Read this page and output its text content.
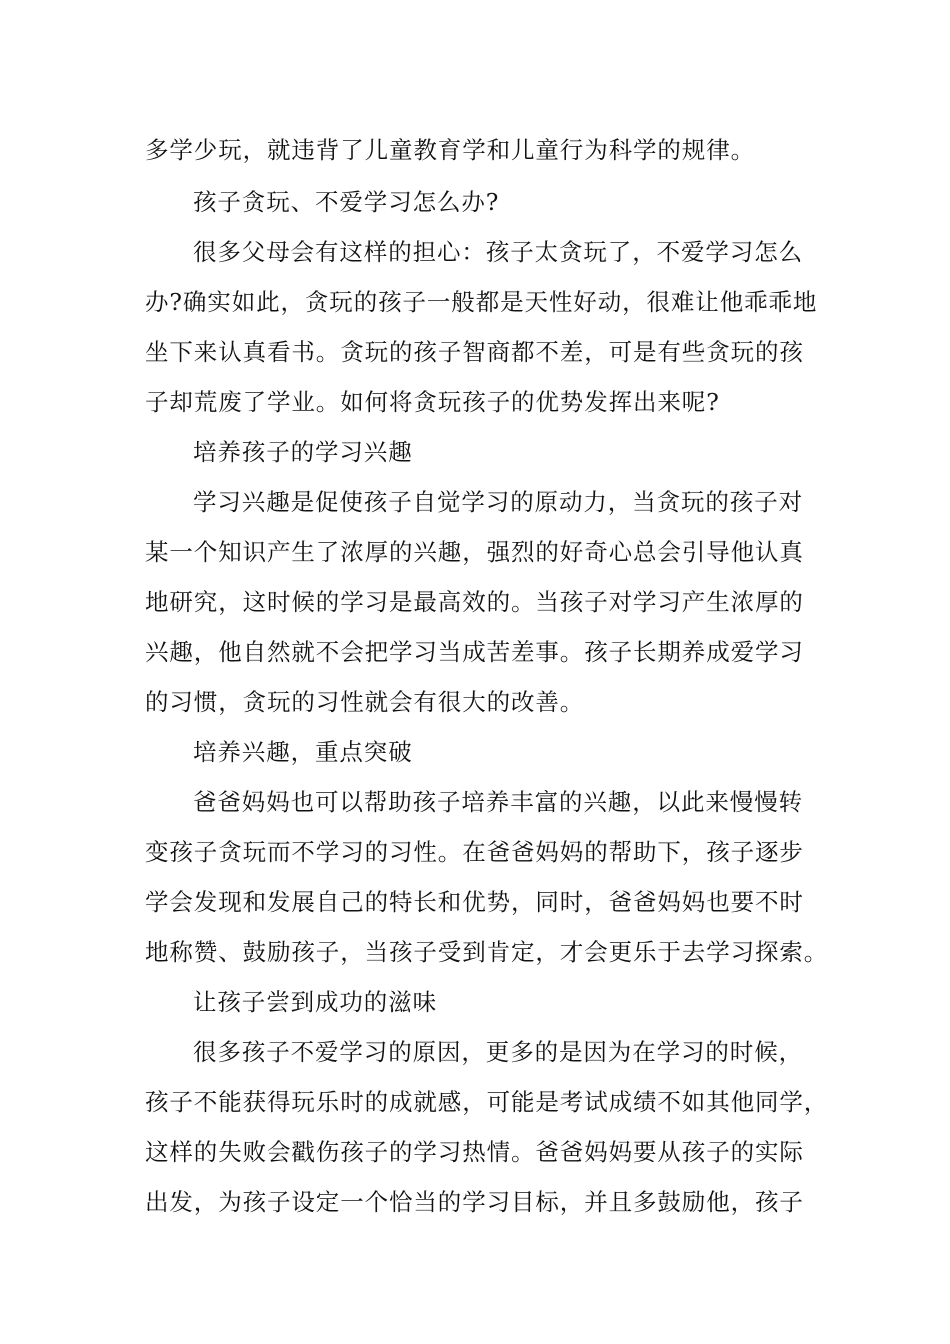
多学少玩，就违背了儿童教育学和儿童行为科学的规律。
孩子贪玩、不爱学习怎么办?
很多父母会有这样的担心：孩子太贪玩了，不爱学习怎么
办?确实如此，贪玩的孩子一般都是天性好动，很难让他乖乖地
坐下来认真看书。贪玩的孩子智商都不差，可是有些贪玩的孩
子却荒废了学业。如何将贪玩孩子的优势发挥出来呢?
培养孩子的学习兴趣
学习兴趣是促使孩子自觉学习的原动力，当贪玩的孩子对
某一个知识产生了浓厚的兴趣，强烈的好奇心总会引导他认真
地研究，这时候的学习是最高效的。当孩子对学习产生浓厚的
兴趣，他自然就不会把学习当成苦差事。孩子长期养成爱学习
的习惯，贪玩的习性就会有很大的改善。
培养兴趣，重点突破
爸爸妈妈也可以帮助孩子培养丰富的兴趣，以此来慢慢转
变孩子贪玩而不学习的习性。在爸爸妈妈的帮助下，孩子逐步
学会发现和发展自己的特长和优势，同时，爸爸妈妈也要不时
地称赞、鼓励孩子，当孩子受到肯定，才会更乐于去学习探索。
让孩子尝到成功的滋味
很多孩子不爱学习的原因，更多的是因为在学习的时候，
孩子不能获得玩乐时的成就感，可能是考试成绩不如其他同学，
这样的失败会戳伤孩子的学习热情。爸爸妈妈要从孩子的实际
出发，为孩子设定一个恰当的学习目标，并且多鼓励他，孩子
